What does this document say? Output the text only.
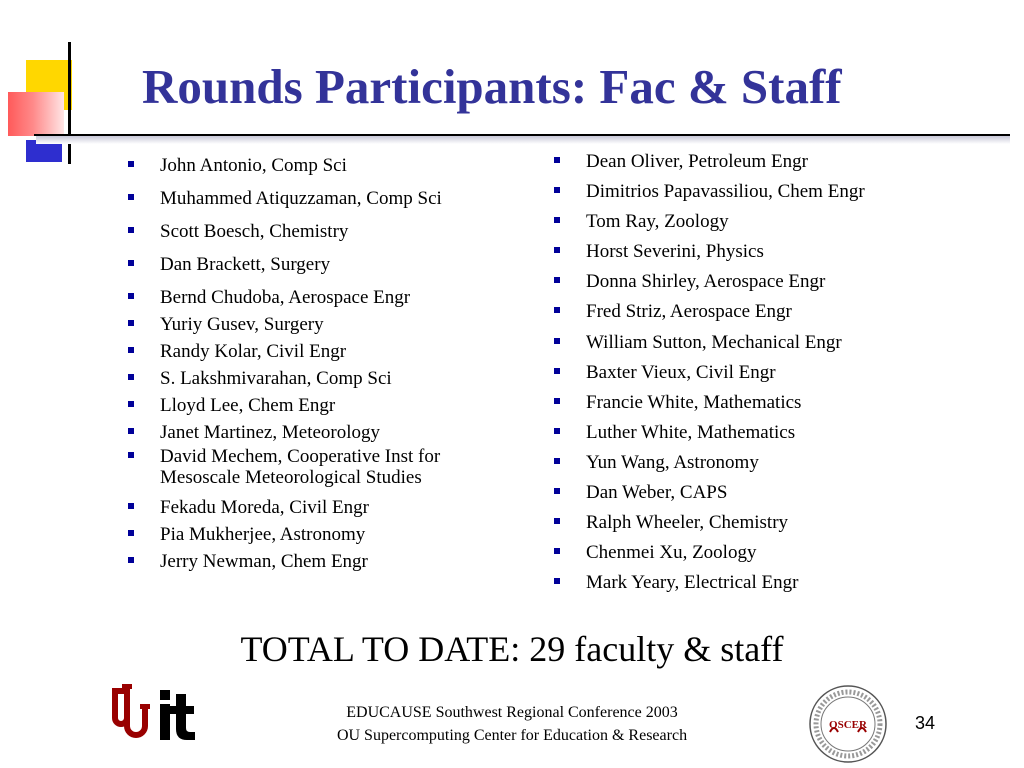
Rounds Participants: Fac & Staff
John Antonio, Comp Sci
Muhammed Atiquzzaman, Comp Sci
Scott Boesch, Chemistry
Dan Brackett, Surgery
Bernd Chudoba, Aerospace Engr
Yuriy Gusev, Surgery
Randy Kolar, Civil Engr
S. Lakshmivarahan, Comp Sci
Lloyd Lee, Chem Engr
Janet Martinez, Meteorology
David Mechem, Cooperative Inst for Mesoscale Meteorological Studies
Fekadu Moreda, Civil Engr
Pia Mukherjee, Astronomy
Jerry Newman, Chem Engr
Dean Oliver, Petroleum Engr
Dimitrios Papavassiliou, Chem Engr
Tom Ray, Zoology
Horst Severini, Physics
Donna Shirley, Aerospace Engr
Fred Striz, Aerospace Engr
William Sutton, Mechanical Engr
Baxter Vieux, Civil Engr
Francie White, Mathematics
Luther White, Mathematics
Yun Wang, Astronomy
Dan Weber, CAPS
Ralph Wheeler, Chemistry
Chenmei Xu, Zoology
Mark Yeary, Electrical Engr

TOTAL TO DATE: 29 faculty & staff

EDUCAUSE Southwest Regional Conference 2003
OU Supercomputing Center for Education & Research
OSCER	34
